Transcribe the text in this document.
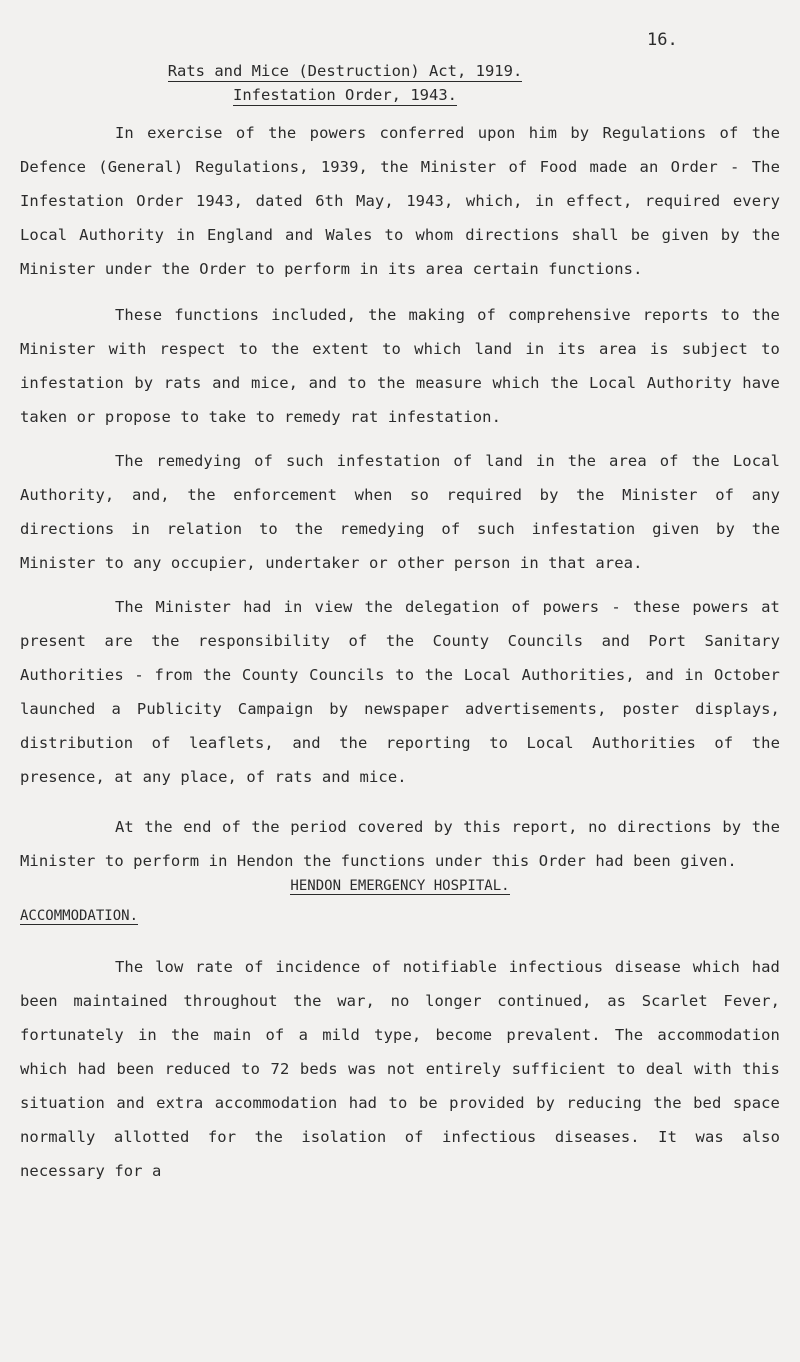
16.
Rats and Mice (Destruction) Act, 1919.
Infestation Order, 1943.
In exercise of the powers conferred upon him by Regulations of the Defence (General) Regulations, 1939, the Minister of Food made an Order - The Infestation Order 1943, dated 6th May, 1943, which, in effect, required every Local Authority in England and Wales to whom directions shall be given by the Minister under the Order to perform in its area certain functions.
These functions included, the making of comprehensive reports to the Minister with respect to the extent to which land in its area is subject to infestation by rats and mice, and to the measure which the Local Authority have taken or propose to take to remedy rat infestation.
The remedying of such infestation of land in the area of the Local Authority, and, the enforcement when so required by the Minister of any directions in relation to the remedying of such infestation given by the Minister to any occupier, undertaker or other person in that area.
The Minister had in view the delegation of powers - these powers at present are the responsibility of the County Councils and Port Sanitary Authorities - from the County Councils to the Local Authorities, and in October launched a Publicity Campaign by newspaper advertisements, poster displays, distribution of leaflets, and the reporting to Local Authorities of the presence, at any place, of rats and mice.
At the end of the period covered by this report, no directions by the Minister to perform in Hendon the functions under this Order had been given.
HENDON EMERGENCY HOSPITAL.
ACCOMMODATION.
The low rate of incidence of notifiable infectious disease which had been maintained throughout the war, no longer continued, as Scarlet Fever, fortunately in the main of a mild type, become prevalent. The accommodation which had been reduced to 72 beds was not entirely sufficient to deal with this situation and extra accommodation had to be provided by reducing the bed space normally allotted for the isolation of infectious diseases. It was also necessary for a
